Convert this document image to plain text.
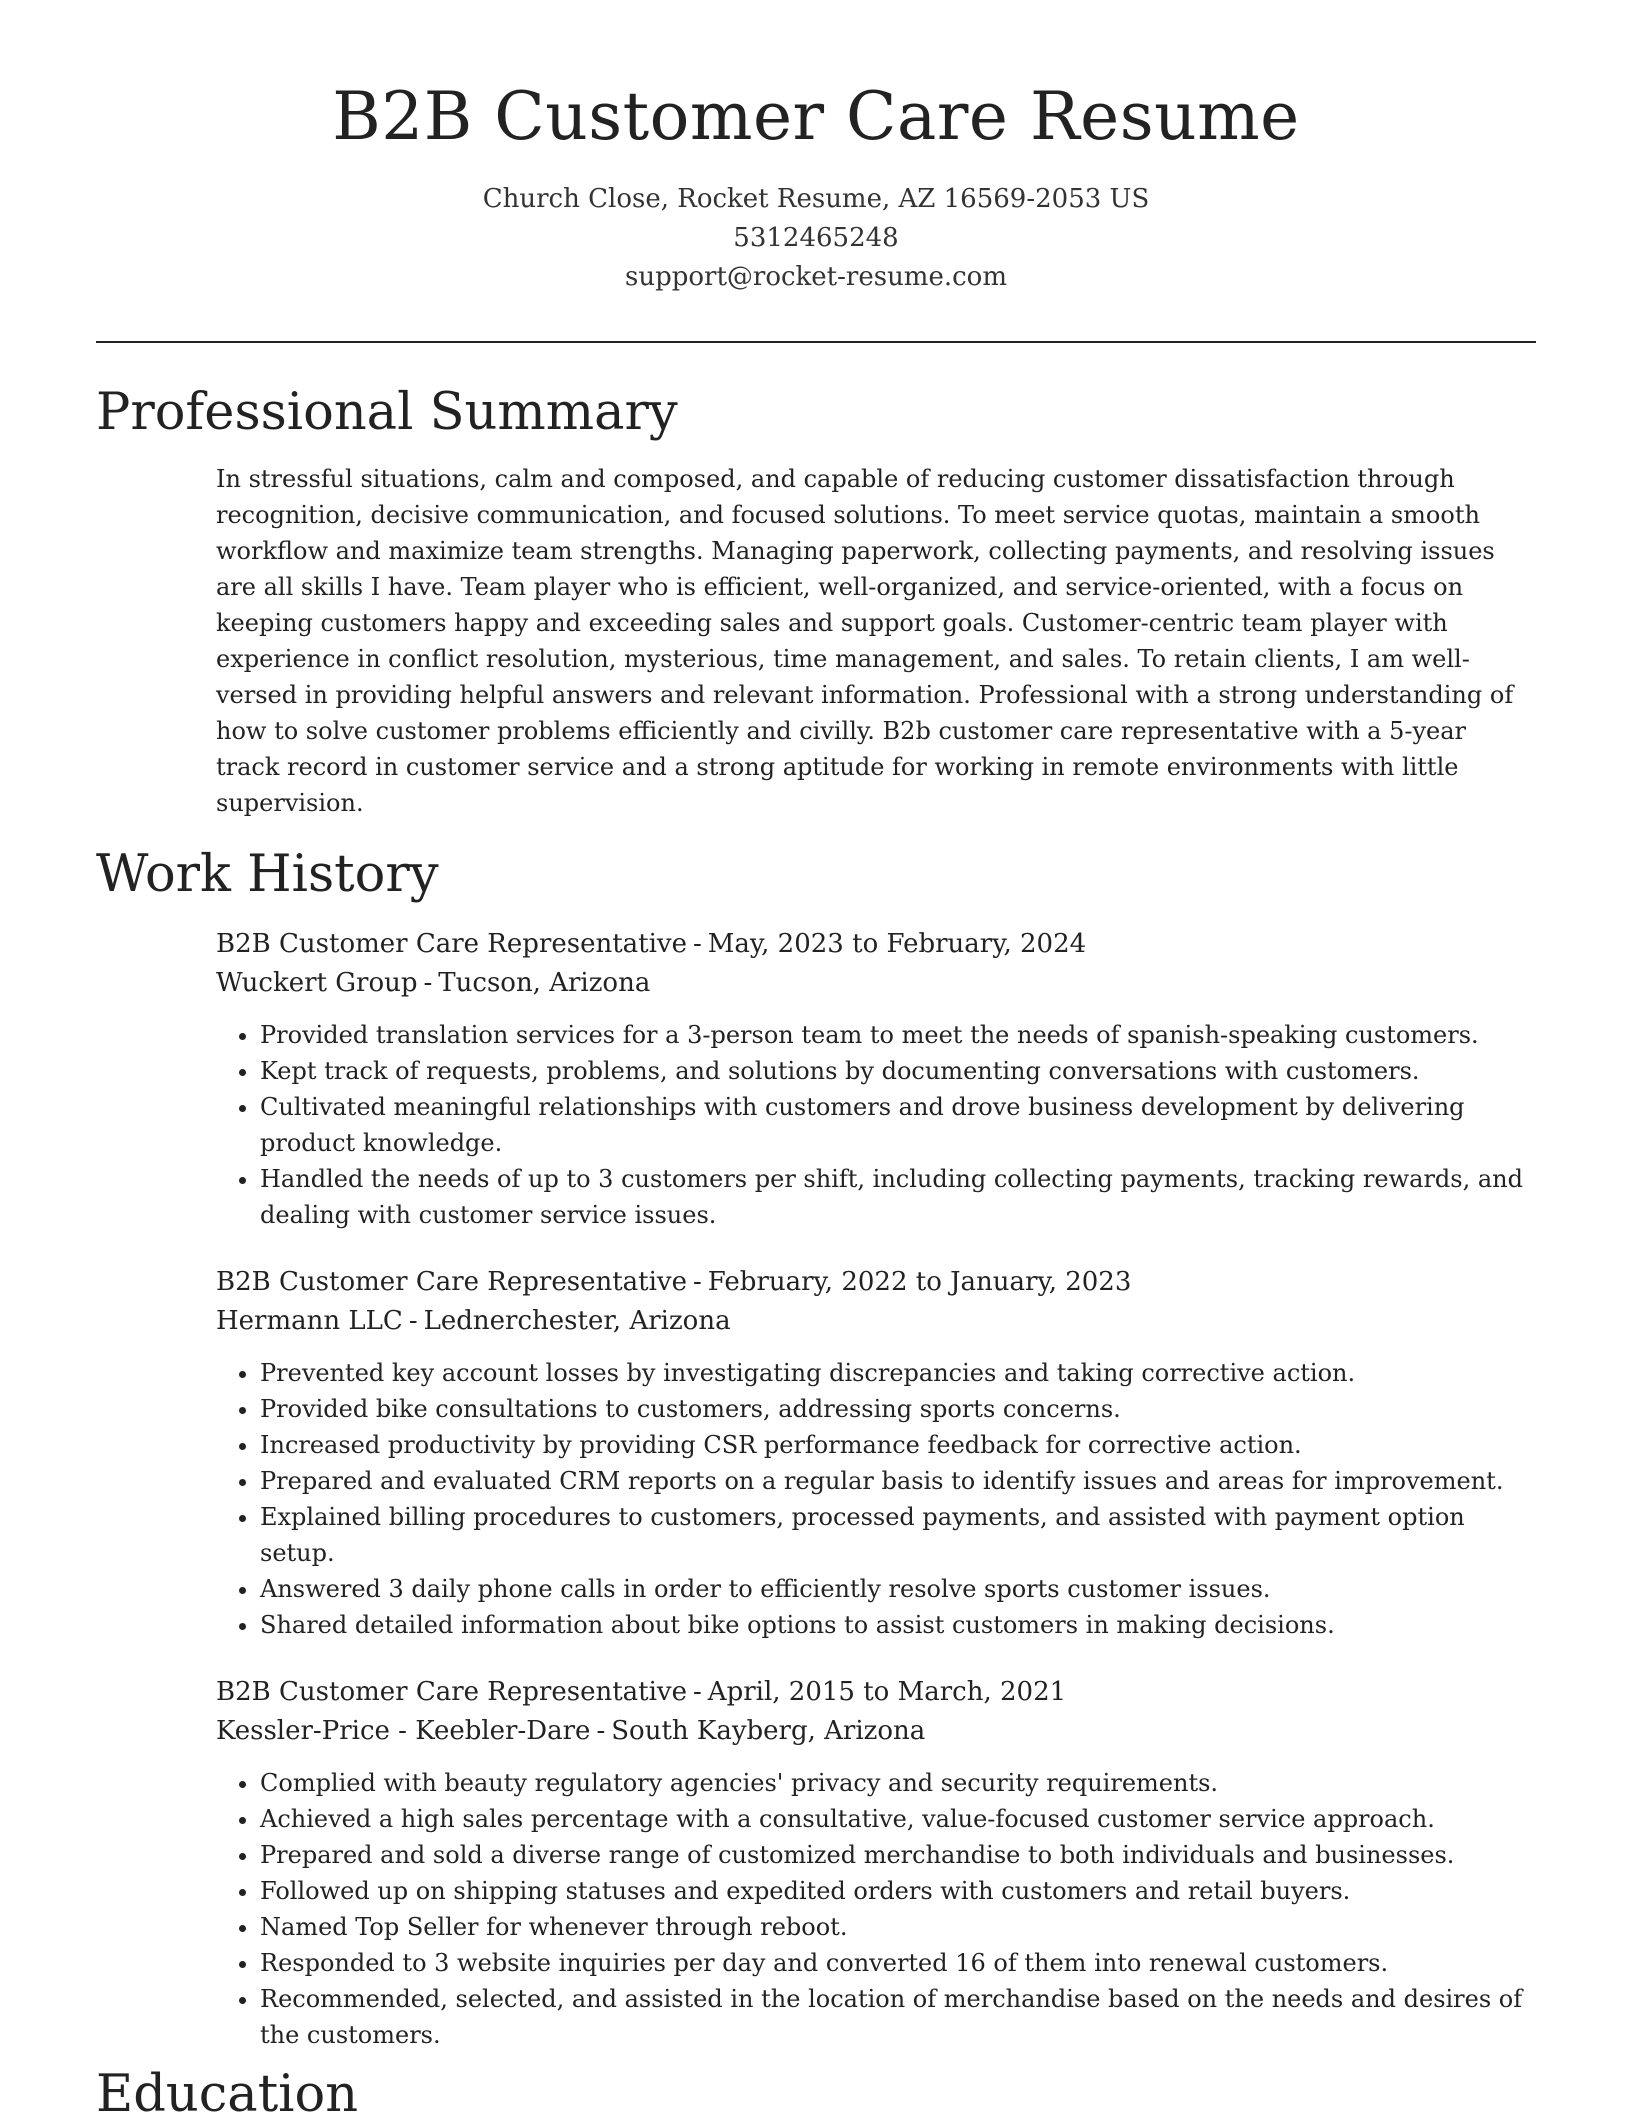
B2B Customer Care Resume
Church Close, Rocket Resume, AZ 16569-2053 US
5312465248
support@rocket-resume.com
Professional Summary

In stressful situations, calm and composed, and capable of reducing customer dissatisfaction through recognition, decisive communication, and focused solutions. To meet service quotas, maintain a smooth workflow and maximize team strengths. Managing paperwork, collecting payments, and resolving issues are all skills I have. Team player who is efficient, well-organized, and service-oriented, with a focus on keeping customers happy and exceeding sales and support goals. Customer-centric team player with experience in conflict resolution, mysterious, time management, and sales. To retain clients, I am well-versed in providing helpful answers and relevant information. Professional with a strong understanding of how to solve customer problems efficiently and civilly. B2b customer care representative with a 5-year track record in customer service and a strong aptitude for working in remote environments with little supervision.

Work History
B2B Customer Care Representative - May, 2023 to February, 2024
Wuckert Group - Tucson, Arizona
• Provided translation services for a 3-person team to meet the needs of spanish-speaking customers.
• Kept track of requests, problems, and solutions by documenting conversations with customers.
• Cultivated meaningful relationships with customers and drove business development by delivering product knowledge.
• Handled the needs of up to 3 customers per shift, including collecting payments, tracking rewards, and dealing with customer service issues.
B2B Customer Care Representative - February, 2022 to January, 2023
Hermann LLC - Lednerchester, Arizona
• Prevented key account losses by investigating discrepancies and taking corrective action.
• Provided bike consultations to customers, addressing sports concerns.
• Increased productivity by providing CSR performance feedback for corrective action.
• Prepared and evaluated CRM reports on a regular basis to identify issues and areas for improvement.
• Explained billing procedures to customers, processed payments, and assisted with payment option setup.
• Answered 3 daily phone calls in order to efficiently resolve sports customer issues.
• Shared detailed information about bike options to assist customers in making decisions.
B2B Customer Care Representative - April, 2015 to March, 2021
Kessler-Price - Keebler-Dare - South Kayberg, Arizona
• Complied with beauty regulatory agencies' privacy and security requirements.
• Achieved a high sales percentage with a consultative, value-focused customer service approach.
• Prepared and sold a diverse range of customized merchandise to both individuals and businesses.
• Followed up on shipping statuses and expedited orders with customers and retail buyers.
• Named Top Seller for whenever through reboot.
• Responded to 3 website inquiries per day and converted 16 of them into renewal customers.
• Recommended, selected, and assisted in the location of merchandise based on the needs and desires of the customers.
Education
